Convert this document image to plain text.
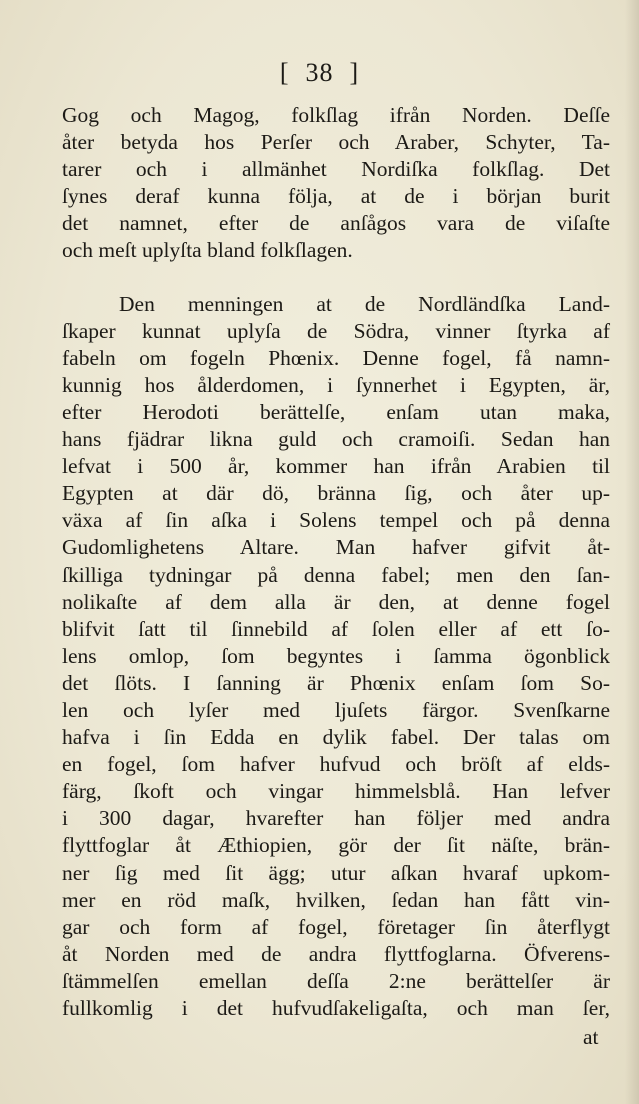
[ 38 ]
Gog och Magog, folkſlag ifrån Norden. Deſſe
åter betyda hos Perſer och Araber, Schyter, Ta-
tarer och i allmänhet Nordiſka folkſlag. Det
ſynes deraf kunna följa, at de i början burit
det namnet, efter de anſågos vara de viſaſte
och meſt uplyſta bland folkſlagen.
Den menningen at de Nordländſka Land-
ſkaper kunnat uplyſa de Södra, vinner ſtyrka af
fabeln om fogeln Phœnix. Denne fogel, få namn-
kunnig hos ålderdomen, i ſynnerhet i Egypten, är,
efter Herodoti berättelſe, enſam utan maka,
hans fjädrar likna guld och cramoiſi. Sedan han
lefvat i 500 år, kommer han ifrån Arabien til
Egypten at där dö, bränna ſig, och åter up-
växa af ſin aſka i Solens tempel och på denna
Gudomlighetens Altare. Man hafver gifvit åt-
ſkilliga tydningar på denna fabel; men den ſan-
nolikaſte af dem alla är den, at denne fogel
blifvit ſatt til ſinnebild af ſolen eller af ett ſo-
lens omlop, ſom begyntes i ſamma ögonblick
det ſlöts. I ſanning är Phœnix enſam ſom So-
len och lyſer med ljuſets färgor. Svenſkarne
hafva i ſin Edda en dylik fabel. Der talas om
en fogel, ſom hafver hufvud och bröſt af elds-
färg, ſkoft och vingar himmelsblå. Han lefver
i 300 dagar, hvarefter han följer med andra
flyttfoglar åt Æthiopien, gör der ſit näſte, brän-
ner ſig med ſit ägg; utur aſkan hvaraf upkom-
mer en röd maſk, hvilken, ſedan han fått vin-
gar och form af fogel, företager ſin återflygt
åt Norden med de andra flyttfoglarna. Öfverens-
ſtämmelſen emellan deſſa 2:ne berättelſer är
fullkomlig i det hufvudſakeligaſta, och man ſer,
at
